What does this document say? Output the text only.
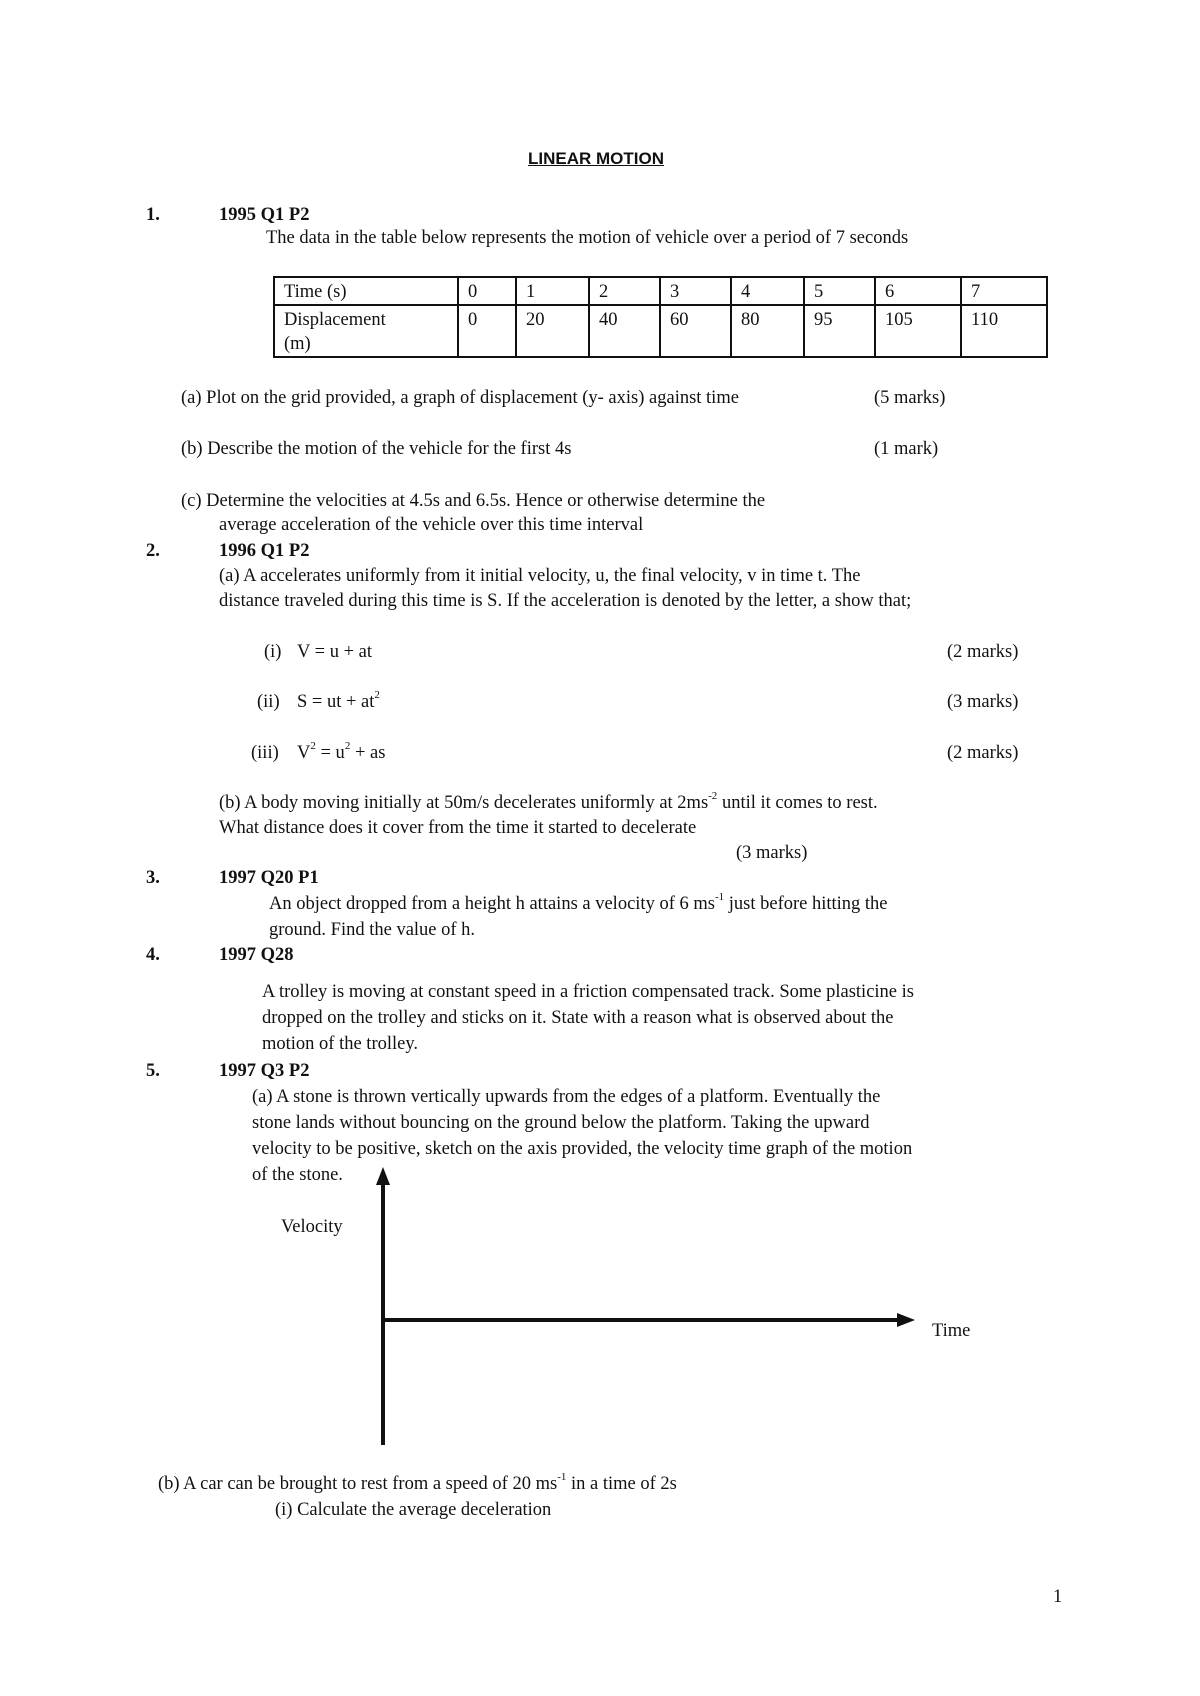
LINEAR MOTION
1.	1995 Q1 P2
The data in the table below represents the motion of vehicle over a period of 7 seconds
Time (s)	0	1	2	3	4	5	6	7
Displacement
(m)	0	20	40	60	80	95	105	110
(a) Plot on the grid provided, a graph of displacement (y- axis) against time	(5 marks)
(b) Describe the motion of the vehicle for the first 4s	(1 mark)
(c) Determine the velocities at 4.5s and 6.5s. Hence or otherwise determine the
average acceleration of the vehicle over this time interval
2.	1996 Q1 P2
(a) A accelerates uniformly from it initial velocity, u, the final velocity, v in time t. The
distance traveled during this time is S. If the acceleration is denoted by the letter, a show that;
(i) V = u + at	(2 marks)
(ii) S = ut + $at^2$	(3 marks)
(iii) $V^2 = u^2$ + as	(2 marks)
(b) A body moving initially at 50m/s decelerates uniformly at $2ms^{-2}$ until it comes to rest.
What distance does it cover from the time it started to decelerate
(3 marks)
3.	1997 Q20 P1
An object dropped from a height h attains a velocity of 6 $ms^{-1}$ just before hitting the
ground. Find the value of h.
4.	1997 Q28
A trolley is moving at constant speed in a friction compensated track. Some plasticine is
dropped on the trolley and sticks on it. State with a reason what is observed about the
motion of the trolley.
5.	1997 Q3 P2
(a) A stone is thrown vertically upwards from the edges of a platform. Eventually the
stone lands without bouncing on the ground below the platform. Taking the upward
velocity to be positive, sketch on the axis provided, the velocity time graph of the motion
of the stone.
Velocity
Time
(b) A car can be brought to rest from a speed of 20 $ms^{-1}$ in a time of 2s
(i) Calculate the average deceleration
1
